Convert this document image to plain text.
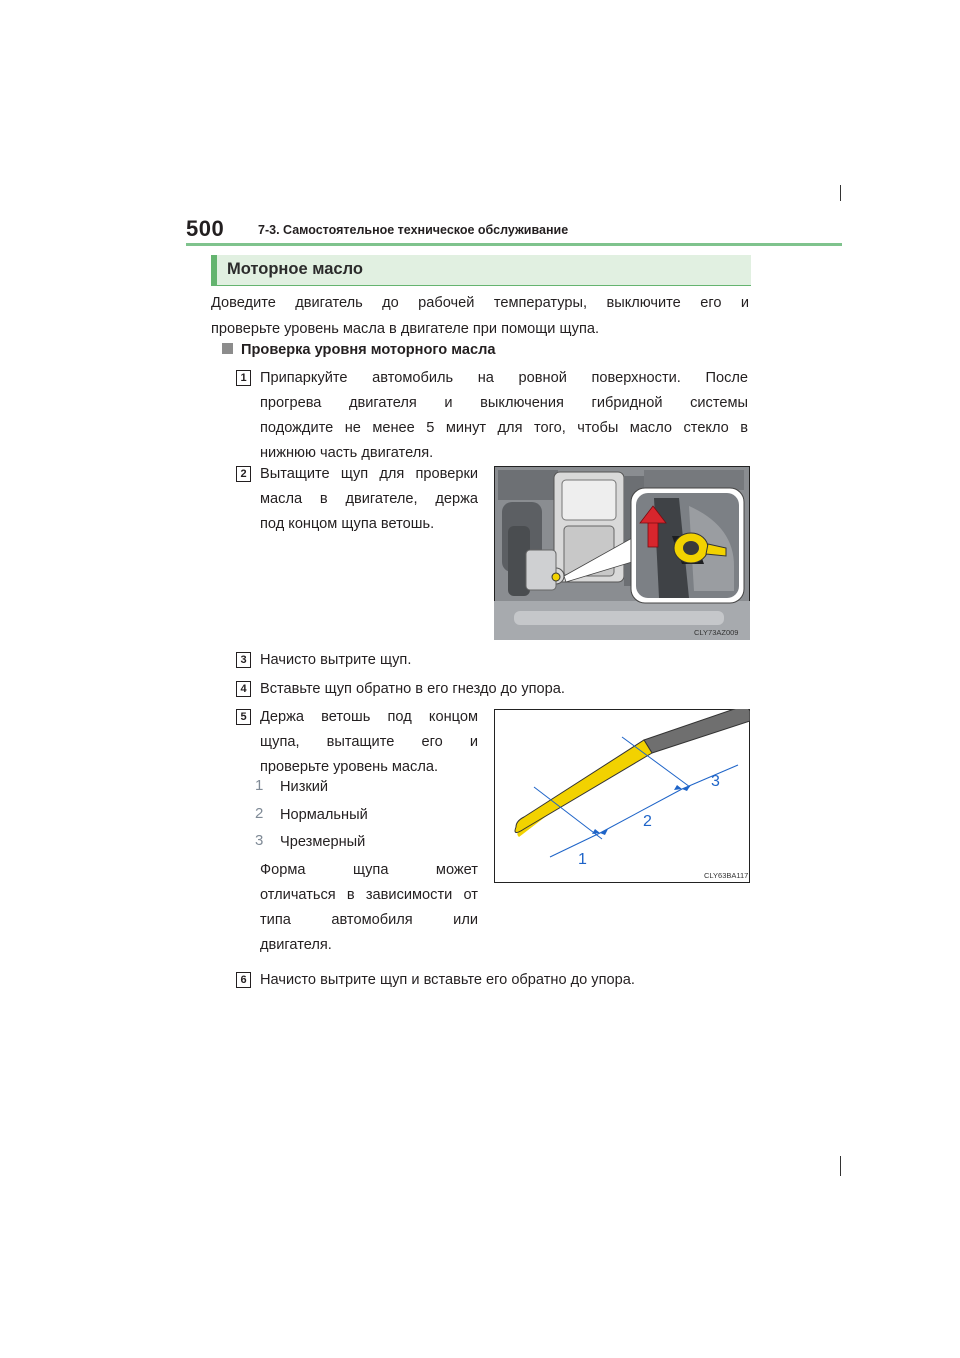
500	7-3. Самостоятельное техническое обслуживание
Моторное масло
Доведите двигатель до рабочей температуры, выключите его и
проверьте уровень масла в двигателе при помощи щупа.
Проверка уровня моторного масла
1 Припаркуйте автомобиль на ровной поверхности. После
прогрева двигателя и выключения гибридной системы
подождите не менее 5 минут для того, чтобы масло стекло в
нижнюю часть двигателя.
2 Вытащите щуп для проверки
масла в двигателе, держа
под концом щупа ветошь.
CLY73AZ009
3 Начисто вытрите щуп.
4 Вставьте щуп обратно в его гнездо до упора.
5 Держа ветошь под концом
щупа, вытащите его и
проверьте уровень масла.
1 Низкий
2 Нормальный
3 Чрезмерный
Форма щупа может
отличаться в зависимости от
типа автомобиля или
двигателя.
1
2
3
CLY63BA117
6 Начисто вытрите щуп и вставьте его обратно до упора.
